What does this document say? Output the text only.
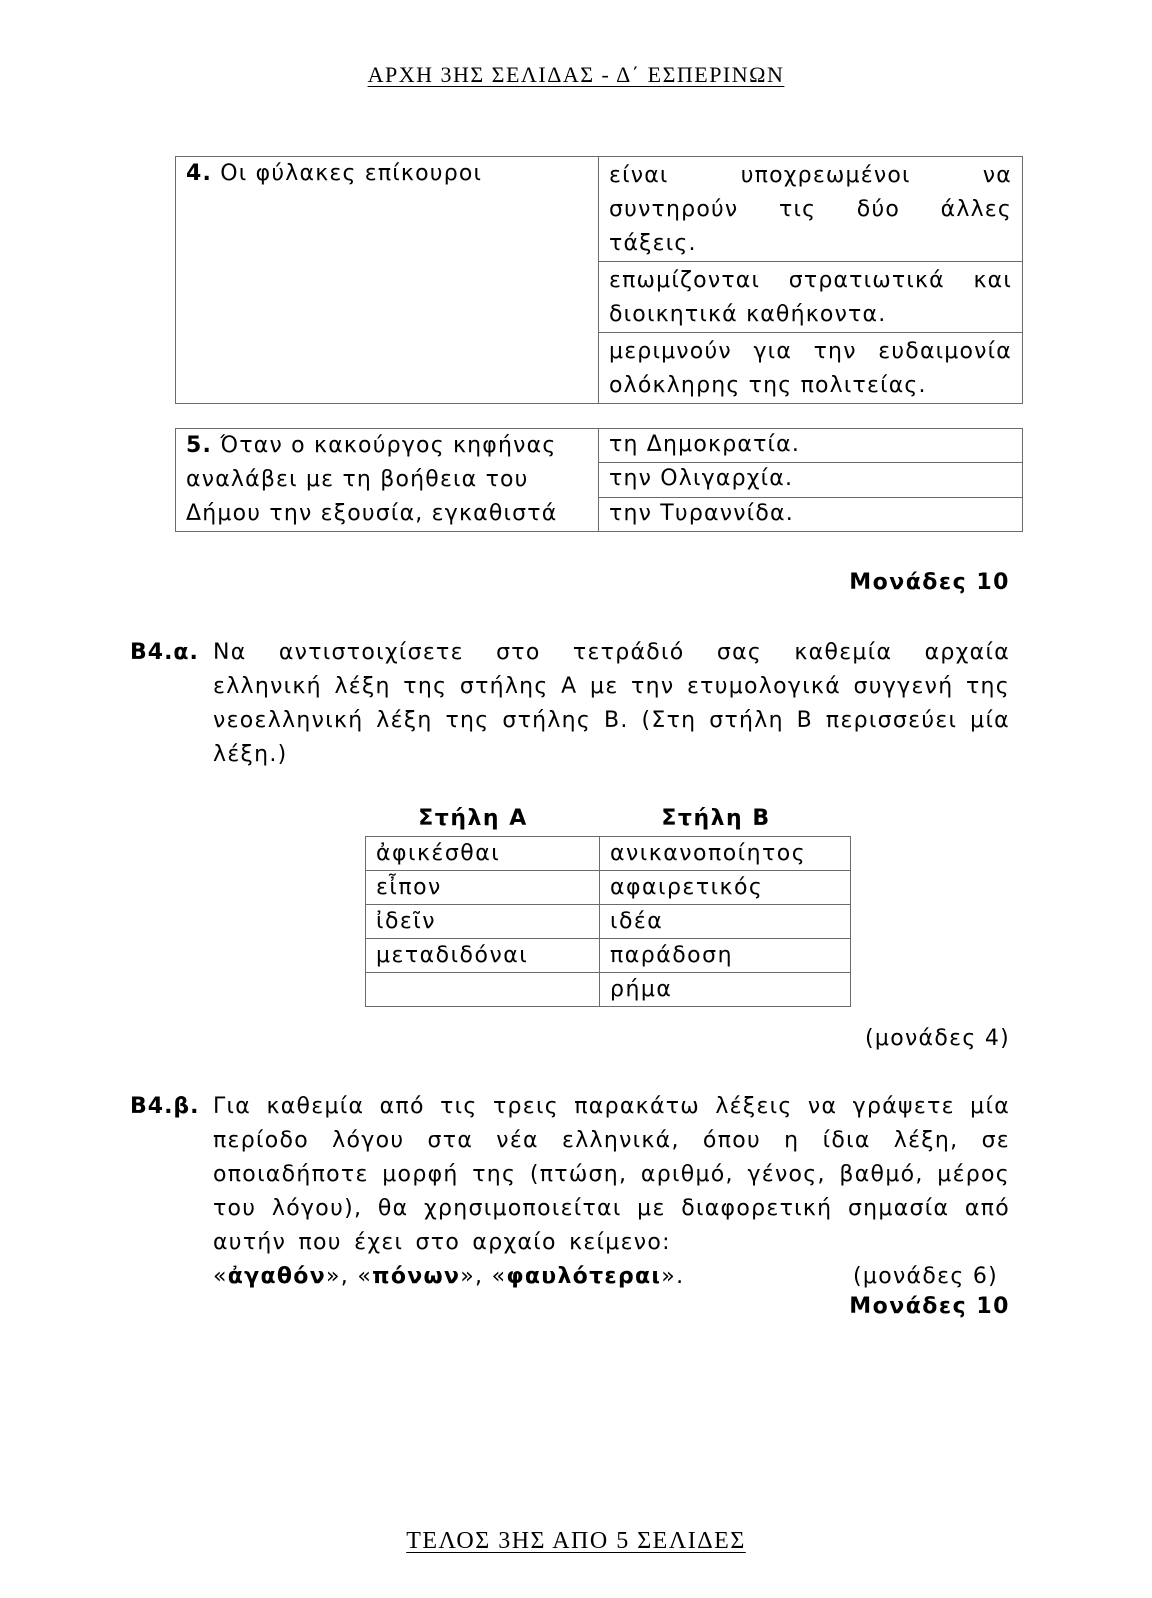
ΑΡΧΗ 3ΗΣ ΣΕΛΙΔΑΣ - Δ΄ ΕΣΠΕΡΙΝΩΝ
4. Οι φύλακες επίκουροι	είναι υποχρεωμένοι να συντηρούν τις δύο άλλες τάξεις.
επωμίζονται στρατιωτικά και διοικητικά καθήκοντα.
μεριμνούν για την ευδαιμονία ολόκληρης της πολιτείας.
5. Όταν ο κακούργος κηφήνας αναλάβει με τη βοήθεια του Δήμου την εξουσία, εγκαθιστά	τη Δημοκρατία.
την Ολιγαρχία.
την Τυραννίδα.
Μονάδες 10
Β4.α. Να αντιστοιχίσετε στο τετράδιό σας καθεμία αρχαία ελληνική λέξη της στήλης Α με την ετυμολογικά συγγενή της νεοελληνική λέξη της στήλης Β. (Στη στήλη Β περισσεύει μία λέξη.)
Στήλη Α	Στήλη Β
ἀφικέσθαι	ανικανοποίητος
εἶπον	αφαιρετικός
ἰδεῖν	ιδέα
μεταδιδόναι	παράδοση
	ρήμα
(μονάδες 4)
Β4.β. Για καθεμία από τις τρεις παρακάτω λέξεις να γράψετε μία περίοδο λόγου στα νέα ελληνικά, όπου η ίδια λέξη, σε οποιαδήποτε μορφή της (πτώση, αριθμό, γένος, βαθμό, μέρος του λόγου), θα χρησιμοποιείται με διαφορετική σημασία από αυτήν που έχει στο αρχαίο κείμενο:
«ἀγαθόν», «πόνων», «φαυλότεραι».	(μονάδες 6)
Μονάδες 10
ΤΕΛΟΣ 3ΗΣ ΑΠΟ 5 ΣΕΛΙΔΕΣ
